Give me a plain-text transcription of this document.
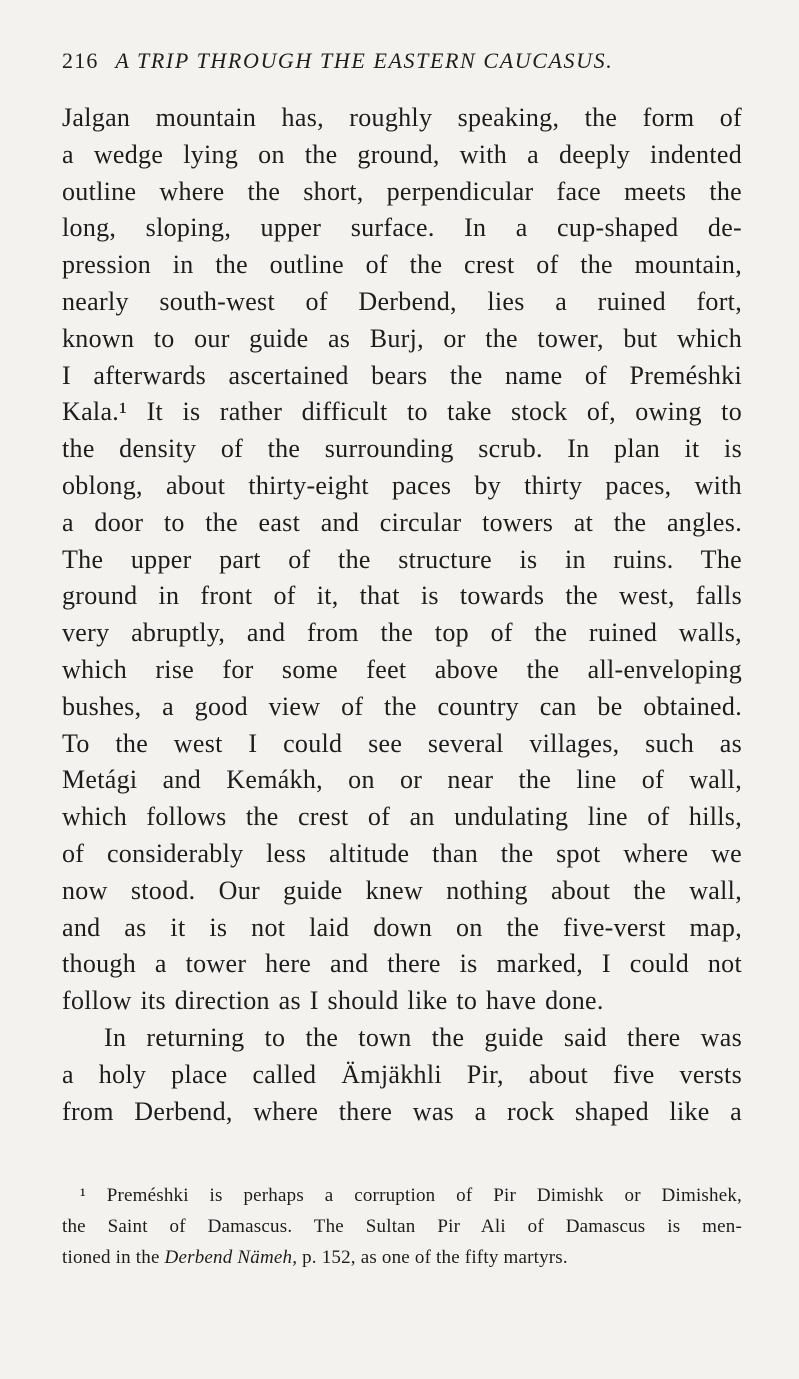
216 A TRIP THROUGH THE EASTERN CAUCASUS.
Jalgan mountain has, roughly speaking, the form of
a wedge lying on the ground, with a deeply indented
outline where the short, perpendicular face meets the
long, sloping, upper surface. In a cup-shaped de-
pression in the outline of the crest of the mountain,
nearly south-west of Derbend, lies a ruined fort,
known to our guide as Burj, or the tower, but which
I afterwards ascertained bears the name of Preméshki
Kala.¹ It is rather difficult to take stock of, owing to
the density of the surrounding scrub. In plan it is
oblong, about thirty-eight paces by thirty paces, with
a door to the east and circular towers at the angles.
The upper part of the structure is in ruins. The
ground in front of it, that is towards the west, falls
very abruptly, and from the top of the ruined walls,
which rise for some feet above the all-enveloping
bushes, a good view of the country can be obtained.
To the west I could see several villages, such as
Metági and Kemákh, on or near the line of wall,
which follows the crest of an undulating line of hills,
of considerably less altitude than the spot where we
now stood. Our guide knew nothing about the wall,
and as it is not laid down on the five-verst map,
though a tower here and there is marked, I could not
follow its direction as I should like to have done.
In returning to the town the guide said there was
a holy place called Ämjäkhli Pir, about five versts
from Derbend, where there was a rock shaped like a
¹ Preméshki is perhaps a corruption of Pir Dimishk or Dimishek,
the Saint of Damascus. The Sultan Pir Ali of Damascus is men-
tioned in the Derbend Nämeh, p. 152, as one of the fifty martyrs.
